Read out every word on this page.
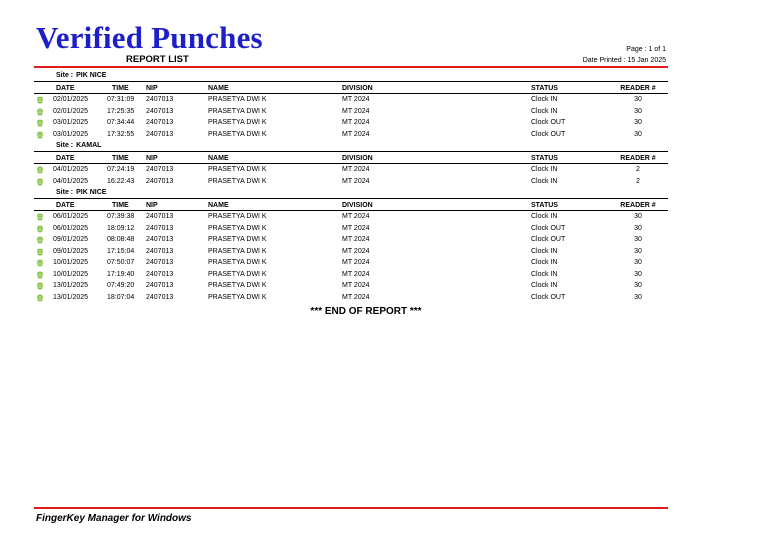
Verified Punches
REPORT LIST
Page : 1 of 1
Date Printed : 15 Jan 2025
Site : PIK NICE
DATE	TIME NIP	NAME	DIVISION	STATUS	READER #
02/01/2025	07:31:09 2407013	PRASETYA DWI K	MT 2024	Clock IN	30
02/01/2025	17:25:35 2407013	PRASETYA DWI K	MT 2024	Clock IN	30
03/01/2025	07:34:44 2407013	PRASETYA DWI K	MT 2024	Clock OUT	30
03/01/2025	17:32:55 2407013	PRASETYA DWI K	MT 2024	Clock OUT	30
Site : KAMAL
DATE	TIME NIP	NAME	DIVISION	STATUS	READER #
04/01/2025	07:24:19 2407013	PRASETYA DWI K	MT 2024	Clock IN	2
04/01/2025	16:22:43 2407013	PRASETYA DWI K	MT 2024	Clock IN	2
Site : PIK NICE
DATE	TIME NIP	NAME	DIVISION	STATUS	READER #
06/01/2025	07:39:38 2407013	PRASETYA DWI K	MT 2024	Clock IN	30
06/01/2025	18:09:12 2407013	PRASETYA DWI K	MT 2024	Clock OUT	30
09/01/2025	08:08:48 2407013	PRASETYA DWI K	MT 2024	Clock OUT	30
09/01/2025	17:15:04 2407013	PRASETYA DWI K	MT 2024	Clock IN	30
10/01/2025	07:50:07 2407013	PRASETYA DWI K	MT 2024	Clock IN	30
10/01/2025	17:19:40 2407013	PRASETYA DWI K	MT 2024	Clock IN	30
13/01/2025	07:49:20 2407013	PRASETYA DWI K	MT 2024	Clock IN	30
13/01/2025	18:07:04 2407013	PRASETYA DWI K	MT 2024	Clock OUT	30
*** END OF REPORT ***
FingerKey Manager for Windows
